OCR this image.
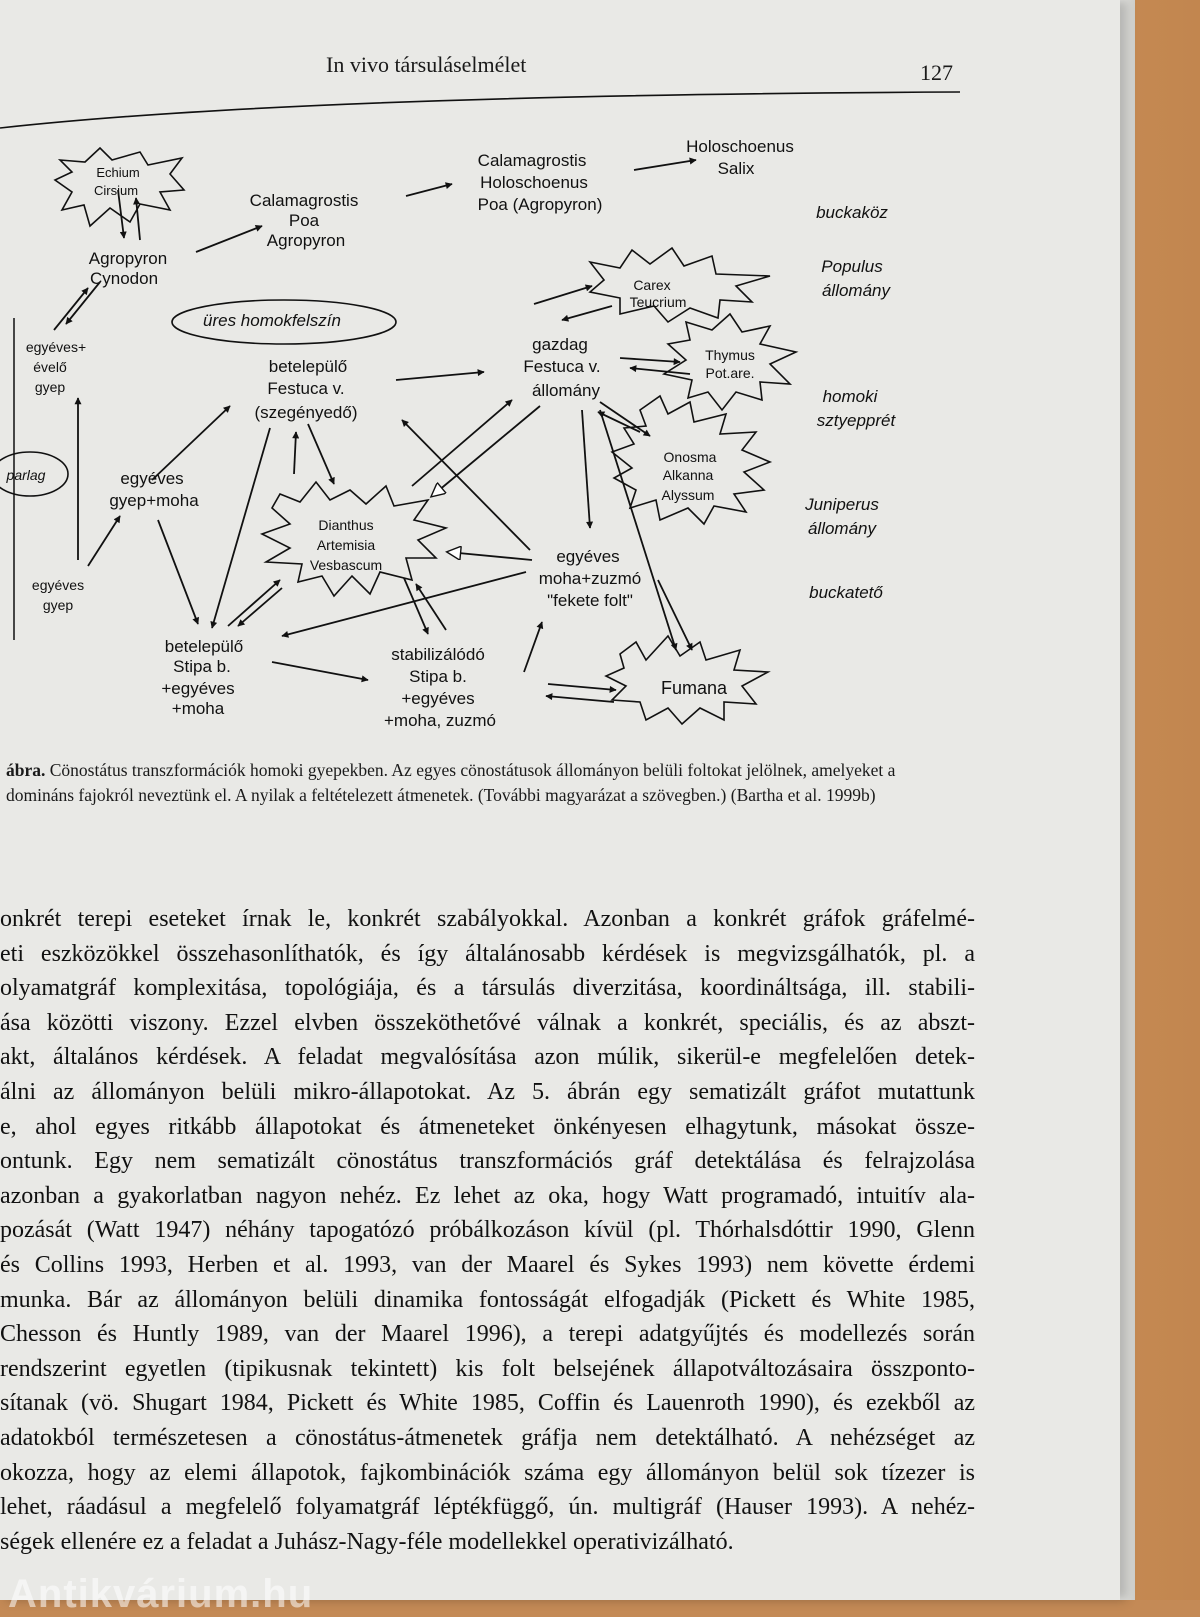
In vivo társuláselmélet	127
Echium
Cirsium
Agropyron
Cynodon
Calamagrostis
Poa
Agropyron
Calamagrostis
Holoschoenus
Poa (Agropyron)
Holoschoenus
Salix
üres homokfelszín
betelepülő
Festuca v.
(szegényedő)
gazdag
Festuca v.
állomány
egyéves
gyep+moha
egyéves
moha+zuzmó
"fekete folt"
betelepülő
Stipa b.
+egyéves
+moha
stabilizálódó
Stipa b.
+egyéves
+moha, zuzmó
Fumana
Carex
Teucrium
Thymus
Pot.are.
Onosma
Alkanna
Alyssum
Dianthus
Artemisia
Vesbascum
egyéves+
évelő
gyep
parlag
egyéves
gyep
buckaköz
Populus
állomány
homoki
sztyepprét
Juniperus
állomány
buckatető
ábra. Cönostátus transzformációk homoki gyepekben. Az egyes cönostátusok állományon belüli foltokat jelölnek, amelyeket a domináns fajokról neveztünk el. A nyilak a feltételezett átmenetek. (További magyarázat a szövegben.) (Bartha et al. 1999b)

onkrét terepi eseteket írnak le, konkrét szabályokkal. Azonban a konkrét gráfok gráfelmé-

eti eszközökkel összehasonlíthatók, és így általánosabb kérdések is megvizsgálhatók, pl. a

olyamatgráf komplexitása, topológiája, és a társulás diverzitása, koordináltsága, ill. stabili-

ása közötti viszony. Ezzel elvben összeköthetővé válnak a konkrét, speciális, és az abszt-

akt, általános kérdések. A feladat megvalósítása azon múlik, sikerül-e megfelelően detek-

álni az állományon belüli mikro-állapotokat. Az 5. ábrán egy sematizált gráfot mutattunk

e, ahol egyes ritkább állapotokat és átmeneteket önkényesen elhagytunk, másokat össze-

ontunk. Egy nem sematizált cönostátus transzformációs gráf detektálása és felrajzolása

azonban a gyakorlatban nagyon nehéz. Ez lehet az oka, hogy Watt programadó, intuitív ala-

pozását (Watt 1947) néhány tapogatózó próbálkozáson kívül (pl. Thórhalsdóttir 1990, Glenn

és Collins 1993, Herben et al. 1993, van der Maarel és Sykes 1993) nem követte érdemi

munka. Bár az állományon belüli dinamika fontosságát elfogadják (Pickett és White 1985,

Chesson és Huntly 1989, van der Maarel 1996), a terepi adatgyűjtés és modellezés során

rendszerint egyetlen (tipikusnak tekintett) kis folt belsejének állapotváltozásaira összponto-

sítanak (vö. Shugart 1984, Pickett és White 1985, Coffin és Lauenroth 1990), és ezekből az

adatokból természetesen a cönostátus-átmenetek gráfja nem detektálható. A nehézséget az

okozza, hogy az elemi állapotok, fajkombinációk száma egy állományon belül sok tízezer is

lehet, ráadásul a megfelelő folyamatgráf léptékfüggő, ún. multigráf (Hauser 1993). A nehéz-

ségek ellenére ez a feladat a Juhász-Nagy-féle modellekkel operativizálható.

Antikvárium.hu
